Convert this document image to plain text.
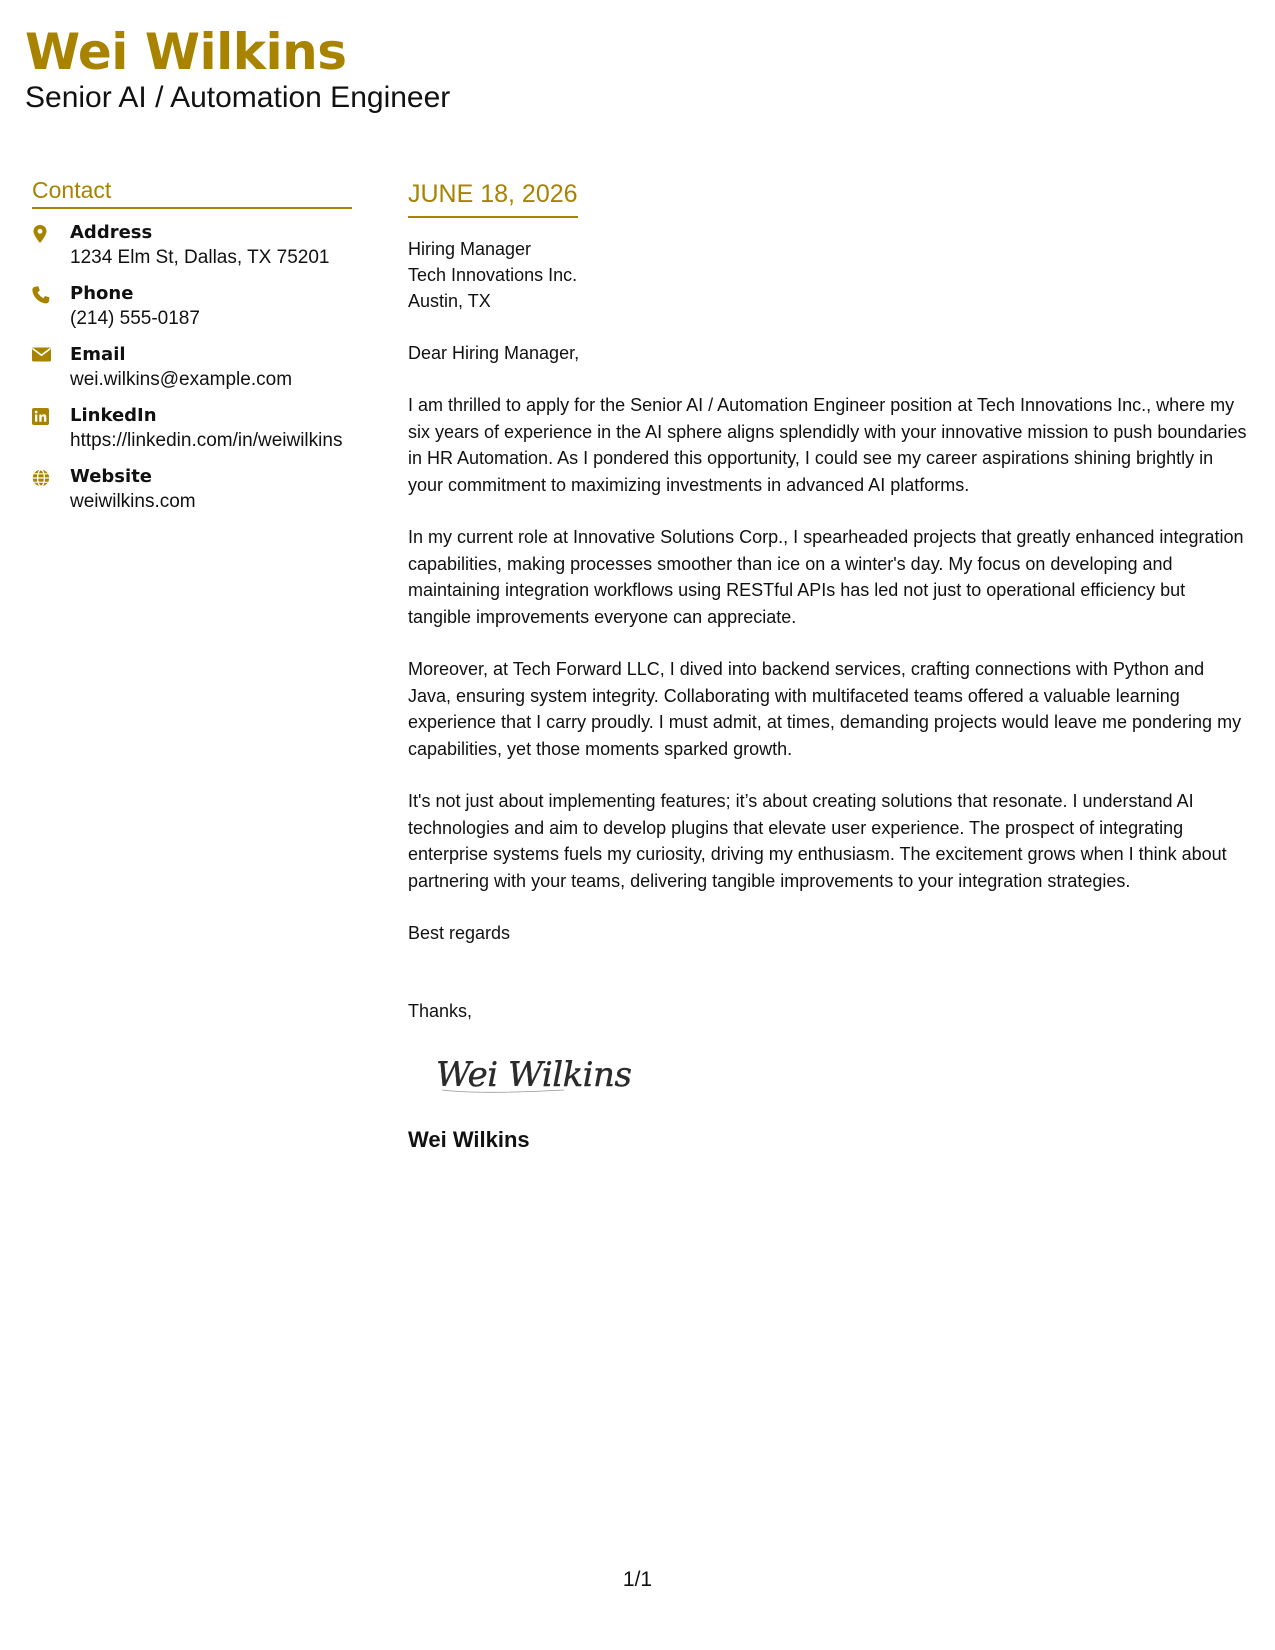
Wei Wilkins
Senior AI / Automation Engineer
Contact
Address
1234 Elm St, Dallas, TX 75201
Phone
(214) 555-0187
Email
wei.wilkins@example.com
LinkedIn
https://linkedin.com/in/weiwilkins
Website
weiwilkins.com
JUNE 18, 2026
Hiring Manager
Tech Innovations Inc.
Austin, TX
Dear Hiring Manager,
I am thrilled to apply for the Senior AI / Automation Engineer position at Tech Innovations Inc., where my six years of experience in the AI sphere aligns splendidly with your innovative mission to push boundaries in HR Automation. As I pondered this opportunity, I could see my career aspirations shining brightly in your commitment to maximizing investments in advanced AI platforms.
In my current role at Innovative Solutions Corp., I spearheaded projects that greatly enhanced integration capabilities, making processes smoother than ice on a winter's day. My focus on developing and maintaining integration workflows using RESTful APIs has led not just to operational efficiency but tangible improvements everyone can appreciate.
Moreover, at Tech Forward LLC, I dived into backend services, crafting connections with Python and Java, ensuring system integrity. Collaborating with multifaceted teams offered a valuable learning experience that I carry proudly. I must admit, at times, demanding projects would leave me pondering my capabilities, yet those moments sparked growth.
It's not just about implementing features; it’s about creating solutions that resonate. I understand AI technologies and aim to develop plugins that elevate user experience. The prospect of integrating enterprise systems fuels my curiosity, driving my enthusiasm. The excitement grows when I think about partnering with your teams, delivering tangible improvements to your integration strategies.
Best regards
Thanks,
Wei Wilkins
Wei Wilkins
1/1
